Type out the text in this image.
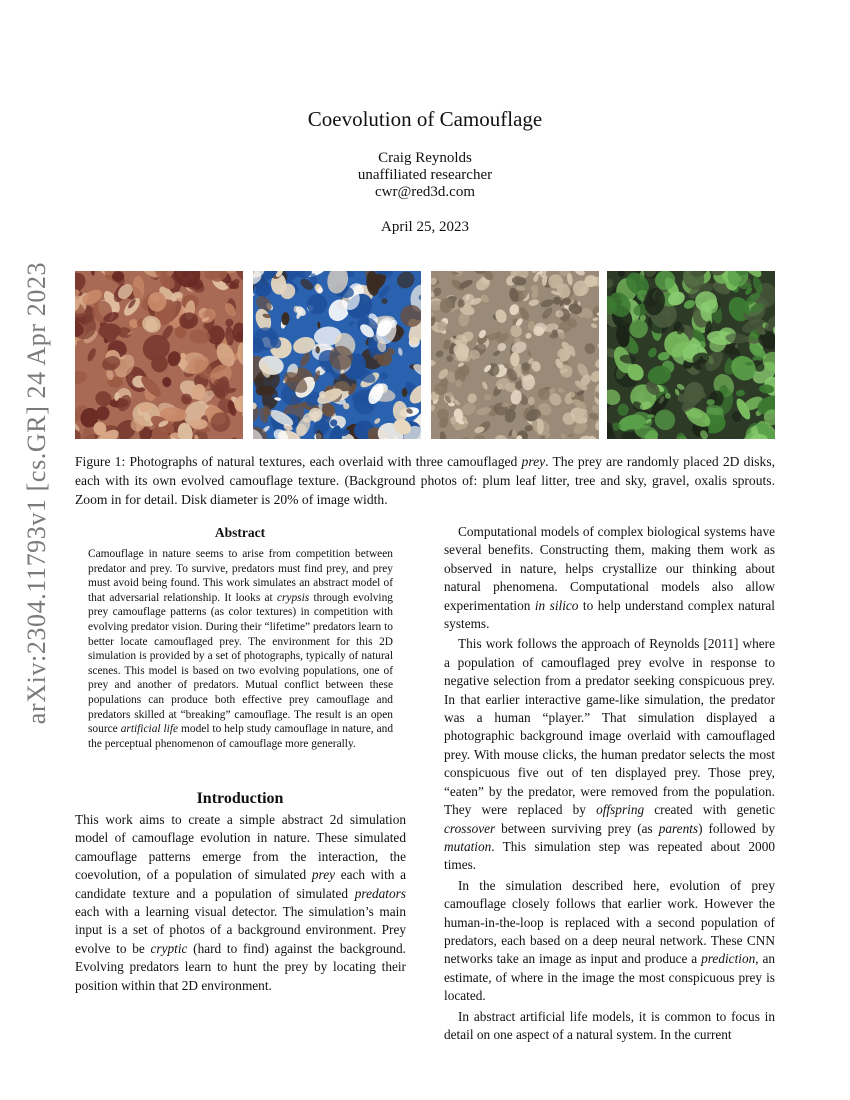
Coevolution of Camouflage
Craig Reynolds
unaffiliated researcher
cwr@red3d.com
April 25, 2023
arXiv:2304.11793v1 [cs.GR] 24 Apr 2023	Figure 1: Photographs of natural textures, each overlaid with three camouflaged prey. The prey are randomly placed 2D disks, each with its own evolved camouflage texture. (Background photos of: plum leaf litter, tree and sky, gravel, oxalis sprouts. Zoom in for detail. Disk diameter is 20% of image width.
Abstract
Camouflage in nature seems to arise from competition between predator and prey. To survive, predators must find prey, and prey must avoid being found. This work simulates an abstract model of that adversarial relationship. It looks at crypsis through evolving prey camouflage patterns (as color textures) in competition with evolving predator vision. During their “lifetime” predators learn to better locate camouflaged prey. The environment for this 2D simulation is provided by a set of photographs, typically of natural scenes. This model is based on two evolving populations, one of prey and another of predators. Mutual conflict between these populations can produce both effective prey camouflage and predators skilled at “breaking” camouflage. The result is an open source artificial life model to help study camouflage in nature, and the perceptual phenomenon of camouflage more generally.
Introduction
This work aims to create a simple abstract 2d simulation model of camouflage evolution in nature. These simulated camouflage patterns emerge from the interaction, the coevolution, of a population of simulated prey each with a candidate texture and a population of simulated predators each with a learning visual detector. The simulation’s main input is a set of photos of a background environment. Prey evolve to be cryptic (hard to find) against the background. Evolving predators learn to hunt the prey by locating their position within that 2D environment.

Computational models of complex biological systems have several benefits. Constructing them, making them work as observed in nature, helps crystallize our thinking about natural phenomena. Computational models also allow experimentation in silico to help understand complex natural systems.

This work follows the approach of Reynolds [2011] where a population of camouflaged prey evolve in response to negative selection from a predator seeking conspicuous prey. In that earlier interactive game-like simulation, the predator was a human “player.” That simulation displayed a photographic background image overlaid with camouflaged prey. With mouse clicks, the human predator selects the most conspicuous five out of ten displayed prey. Those prey, “eaten” by the predator, were removed from the population. They were replaced by offspring created with genetic crossover between surviving prey (as parents) followed by mutation. This simulation step was repeated about 2000 times.

In the simulation described here, evolution of prey camouflage closely follows that earlier work. However the human-in-the-loop is replaced with a second population of predators, each based on a deep neural network. These CNN networks take an image as input and produce a prediction, an estimate, of where in the image the most conspicuous prey is located.

In abstract artificial life models, it is common to focus in detail on one aspect of a natural system. In the current
